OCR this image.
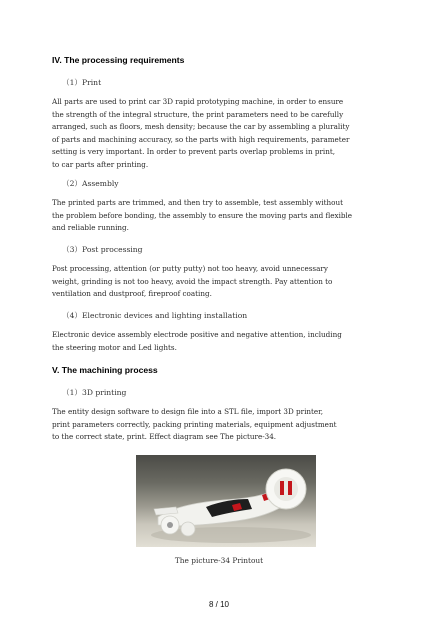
IV. The processing requirements
（1）Print
All parts are used to print car 3D rapid prototyping machine, in order to ensure
the strength of the integral structure, the print parameters need to be carefully
arranged, such as floors, mesh density; because the car by assembling a plurality
of parts and machining accuracy, so the parts with high requirements, parameter
setting is very important. In order to prevent parts overlap problems in print,
to car parts after printing.
（2）Assembly
The printed parts are trimmed, and then try to assemble, test assembly without
the problem before bonding, the assembly to ensure the moving parts and flexible
and reliable running.
（3）Post processing
Post processing, attention (or putty putty) not too heavy, avoid unnecessary
weight, grinding is not too heavy, avoid the impact strength. Pay attention to
ventilation and dustproof, fireproof coating.
（4）Electronic devices and lighting installation
Electronic device assembly electrode positive and negative attention, including
the steering motor and Led lights.
V. The machining process
（1）3D printing
The entity design software to design file into a STL file, import 3D printer,
print parameters correctly, packing printing materials, equipment adjustment
to the correct state, print. Effect diagram see The picture-34.
The picture-34 Printout
8 / 10
